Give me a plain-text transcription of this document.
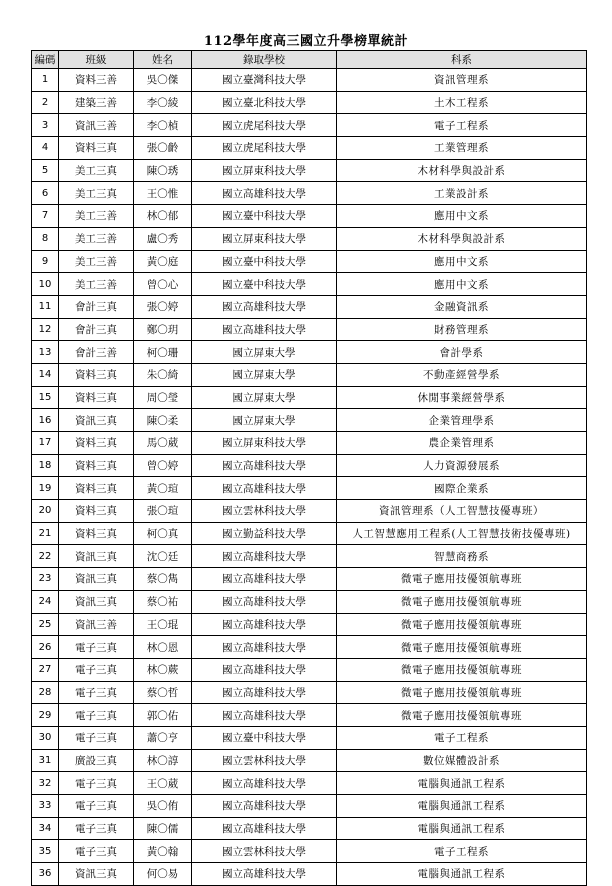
112學年度高三國立升學榜單統計
編碼	班級	姓名	錄取學校	科系
1	資料三善	吳〇傑	國立臺灣科技大學	資訊管理系
2	建築三善	李〇綾	國立臺北科技大學	土木工程系
3	資訊三善	李〇楨	國立虎尾科技大學	電子工程系
4	資料三真	張〇齡	國立虎尾科技大學	工業管理系
5	美工三真	陳〇琇	國立屏東科技大學	木材科學與設計系
6	美工三真	王〇惟	國立高雄科技大學	工業設計系
7	美工三善	林〇郁	國立臺中科技大學	應用中文系
8	美工三善	盧〇秀	國立屏東科技大學	木材科學與設計系
9	美工三善	黃〇庭	國立臺中科技大學	應用中文系
10	美工三善	曾〇心	國立臺中科技大學	應用中文系
11	會計三真	張〇婷	國立高雄科技大學	金融資訊系
12	會計三真	鄭〇玥	國立高雄科技大學	財務管理系
13	會計三善	柯〇珊	國立屏東大學	會計學系
14	資料三真	朱〇綺	國立屏東大學	不動產經營學系
15	資料三真	周〇瑩	國立屏東大學	休閒事業經營學系
16	資訊三真	陳〇柔	國立屏東大學	企業管理學系
17	資料三真	馬〇葳	國立屏東科技大學	農企業管理系
18	資料三真	曾〇婷	國立高雄科技大學	人力資源發展系
19	資料三真	黃〇瑄	國立高雄科技大學	國際企業系
20	資料三真	張〇瑄	國立雲林科技大學	資訊管理系（人工智慧技優專班）
21	資料三真	柯〇真	國立勤益科技大學	人工智慧應用工程系(人工智慧技術技優專班)
22	資訊三真	沈〇廷	國立高雄科技大學	智慧商務系
23	資訊三真	蔡〇雋	國立高雄科技大學	微電子應用技優領航專班
24	資訊三真	蔡〇祐	國立高雄科技大學	微電子應用技優領航專班
25	資訊三善	王〇琨	國立高雄科技大學	微電子應用技優領航專班
26	電子三真	林〇恩	國立高雄科技大學	微電子應用技優領航專班
27	電子三真	林〇蕨	國立高雄科技大學	微電子應用技優領航專班
28	電子三真	蔡〇哲	國立高雄科技大學	微電子應用技優領航專班
29	電子三真	郭〇佑	國立高雄科技大學	微電子應用技優領航專班
30	電子三真	蕭〇亨	國立臺中科技大學	電子工程系
31	廣設三真	林〇諄	國立雲林科技大學	數位媒體設計系
32	電子三真	王〇葳	國立高雄科技大學	電腦與通訊工程系
33	電子三真	吳〇侑	國立高雄科技大學	電腦與通訊工程系
34	電子三真	陳〇儒	國立高雄科技大學	電腦與通訊工程系
35	電子三真	黃〇翰	國立雲林科技大學	電子工程系
36	資訊三真	何〇易	國立高雄科技大學	電腦與通訊工程系
